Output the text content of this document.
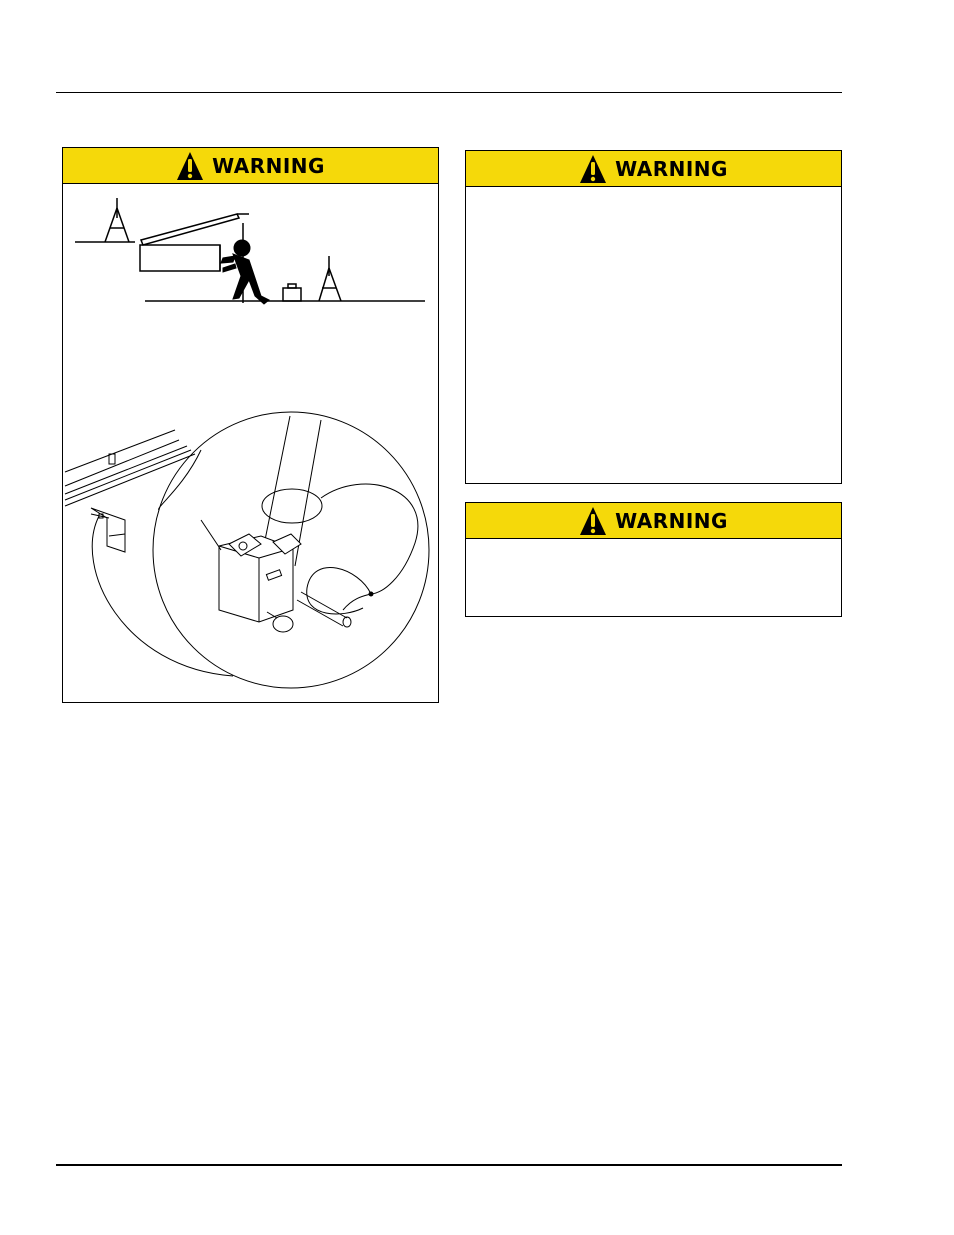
WARNING	WARNING
WARNING
